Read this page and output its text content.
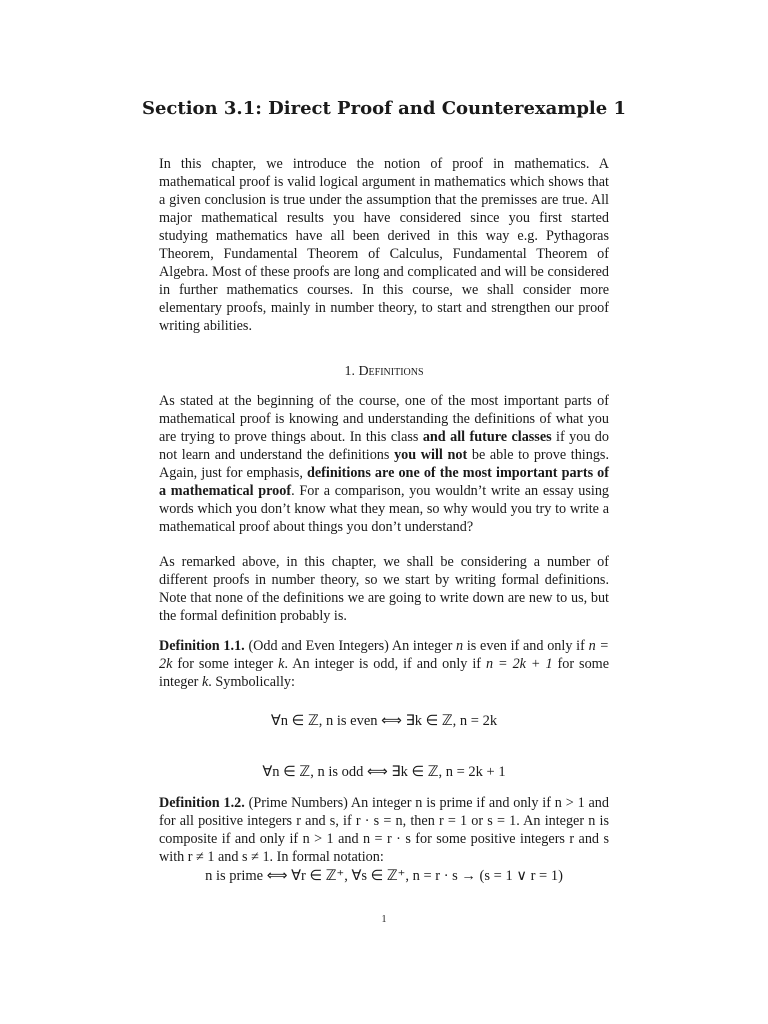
Section 3.1: Direct Proof and Counterexample 1
In this chapter, we introduce the notion of proof in mathematics. A mathematical proof is valid logical argument in mathematics which shows that a given conclusion is true under the assumption that the premisses are true. All major mathematical results you have considered since you first started studying mathematics have all been derived in this way e.g. Pythagoras Theorem, Fundamental Theorem of Calculus, Fundamental Theorem of Algebra. Most of these proofs are long and complicated and will be considered in further mathematics courses. In this course, we shall consider more elementary proofs, mainly in number theory, to start and strengthen our proof writing abilities.
1. Definitions
As stated at the beginning of the course, one of the most important parts of mathematical proof is knowing and understanding the definitions of what you are trying to prove things about. In this class and all future classes if you do not learn and understand the definitions you will not be able to prove things. Again, just for emphasis, definitions are one of the most important parts of a mathematical proof. For a comparison, you wouldn’t write an essay using words which you don’t know what they mean, so why would you try to write a mathematical proof about things you don’t understand?
As remarked above, in this chapter, we shall be considering a number of different proofs in number theory, so we start by writing formal definitions. Note that none of the definitions we are going to write down are new to us, but the formal definition probably is.
Definition 1.1. (Odd and Even Integers) An integer n is even if and only if n = 2k for some integer k. An integer is odd, if and only if n = 2k + 1 for some integer k. Symbolically:
∀n ∈ ℤ, n is even ⟺ ∃k ∈ ℤ, n = 2k
∀n ∈ ℤ, n is odd ⟺ ∃k ∈ ℤ, n = 2k + 1
Definition 1.2. (Prime Numbers) An integer n is prime if and only if n > 1 and for all positive integers r and s, if r · s = n, then r = 1 or s = 1. An integer n is composite if and only if n > 1 and n = r · s for some positive integers r and s with r ≠ 1 and s ≠ 1. In formal notation:
n is prime ⟺ ∀r ∈ ℤ⁺, ∀s ∈ ℤ⁺, n = r · s → (s = 1 ∨ r = 1)
1
